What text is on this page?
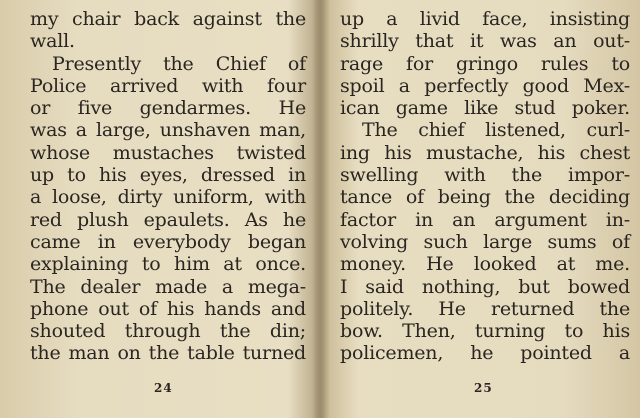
my chair back against the
wall.
Presently the Chief of
Police arrived with four
or five gendarmes. He
was a large, unshaven man,
whose mustaches twisted
up to his eyes, dressed in
a loose, dirty uniform, with
red plush epaulets. As he
came in everybody began
explaining to him at once.
The dealer made a mega-
phone out of his hands and
shouted through the din;
the man on the table turned
24
up a livid face, insisting
shrilly that it was an out-
rage for gringo rules to
spoil a perfectly good Mex-
ican game like stud poker.
The chief listened, curl-
ing his mustache, his chest
swelling with the impor-
tance of being the deciding
factor in an argument in-
volving such large sums of
money. He looked at me.
I said nothing, but bowed
politely. He returned the
bow. Then, turning to his
policemen, he pointed a
25
